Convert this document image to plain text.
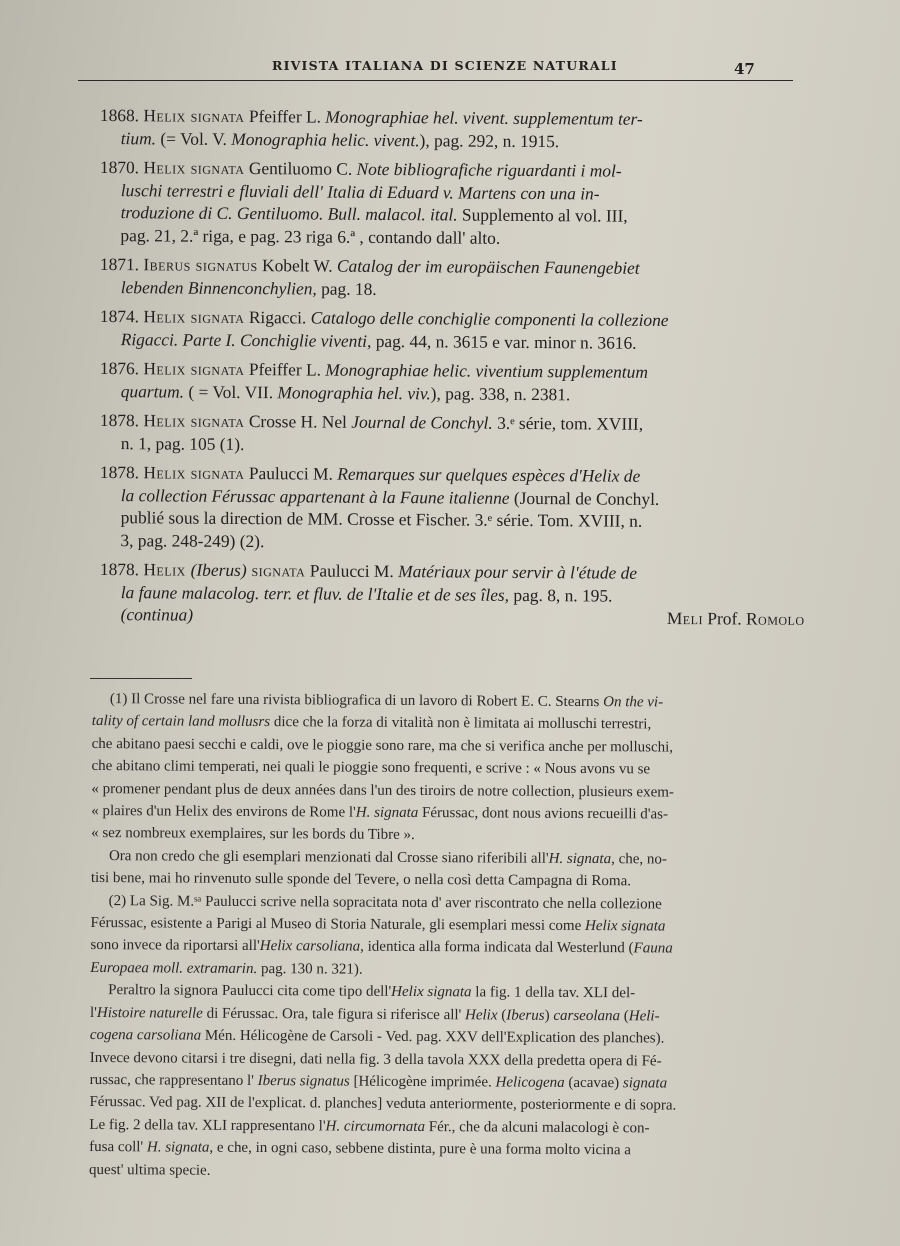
RIVISTA ITALIANA DI SCIENZE NATURALI	47
1868. Helix signata Pfeiffer L. Monographiae hel. vivent. supplementum ter-
tium. (= Vol. V. Monographia helic. vivent.), pag. 292, n. 1915.
1870. Helix signata Gentiluomo C. Note bibliografiche riguardanti i mol-
luschi terrestri e fluviali dell' Italia di Eduard v. Martens con una in-
troduzione di C. Gentiluomo. Bull. malacol. ital. Supplemento al vol. III,
pag. 21, 2.ª riga, e pag. 23 riga 6.ª , contando dall' alto.
1871. Iberus signatus Kobelt W. Catalog der im europäischen Faunengebiet
lebenden Binnenconchylien, pag. 18.
1874. Helix signata Rigacci. Catalogo delle conchiglie componenti la collezione
Rigacci. Parte I. Conchiglie viventi, pag. 44, n. 3615 e var. minor n. 3616.
1876. Helix signata Pfeiffer L. Monographiae helic. viventium supplementum
quartum. ( = Vol. VII. Monographia hel. viv.), pag. 338, n. 2381.
1878. Helix signata Crosse H. Nel Journal de Conchyl. 3.ᵉ série, tom. XVIII,
n. 1, pag. 105 (1).
1878. Helix signata Paulucci M. Remarques sur quelques espèces d'Helix de
la collection Férussac appartenant à la Faune italienne (Journal de Conchyl.
publié sous la direction de MM. Crosse et Fischer. 3.ᵉ série. Tom. XVIII, n.
3, pag. 248-249) (2).
1878. Helix (Iberus) signata Paulucci M. Matériaux pour servir à l'étude de
la faune malacolog. terr. et fluv. de l'Italie et de ses îles, pag. 8, n. 195.
(continua)	Meli Prof. Romolo
(1) Il Crosse nel fare una rivista bibliografica di un lavoro di Robert E. C. Stearns On the vi-
tality of certain land mollusrs dice che la forza di vitalità non è limitata ai molluschi terrestri,
che abitano paesi secchi e caldi, ove le pioggie sono rare, ma che si verifica anche per molluschi,
che abitano climi temperati, nei quali le pioggie sono frequenti, e scrive : « Nous avons vu se
« promener pendant plus de deux années dans l'un des tiroirs de notre collection, plusieurs exem-
« plaires d'un Helix des environs de Rome l'H. signata Férussac, dont nous avions recueilli d'as-
« sez nombreux exemplaires, sur les bords du Tibre ».
Ora non credo che gli esemplari menzionati dal Crosse siano riferibili all'H. signata, che, no-
tisi bene, mai ho rinvenuto sulle sponde del Tevere, o nella così detta Campagna di Roma.
(2) La Sig. M.ˢᵃ Paulucci scrive nella sopracitata nota d' aver riscontrato che nella collezione
Férussac, esistente a Parigi al Museo di Storia Naturale, gli esemplari messi come Helix signata
sono invece da riportarsi all'Helix carsoliana, identica alla forma indicata dal Westerlund (Fauna
Europaea moll. extramarin. pag. 130 n. 321).
Peraltro la signora Paulucci cita come tipo dell'Helix signata la fig. 1 della tav. XLI del-
l'Histoire naturelle di Férussac. Ora, tale figura si riferisce all' Helix (Iberus) carseolana (Heli-
cogena carsoliana Mén. Hélicogène de Carsoli - Ved. pag. XXV dell'Explication des planches).
Invece devono citarsi i tre disegni, dati nella fig. 3 della tavola XXX della predetta opera di Fé-
russac, che rappresentano l' Iberus signatus [Hélicogène imprimée. Helicogena (acavae) signata
Férussac. Ved pag. XII de l'explicat. d. planches] veduta anteriormente, posteriormente e di sopra.
Le fig. 2 della tav. XLI rappresentano l'H. circumornata Fér., che da alcuni malacologi è con-
fusa coll' H. signata, e che, in ogni caso, sebbene distinta, pure è una forma molto vicina a
quest' ultima specie.
